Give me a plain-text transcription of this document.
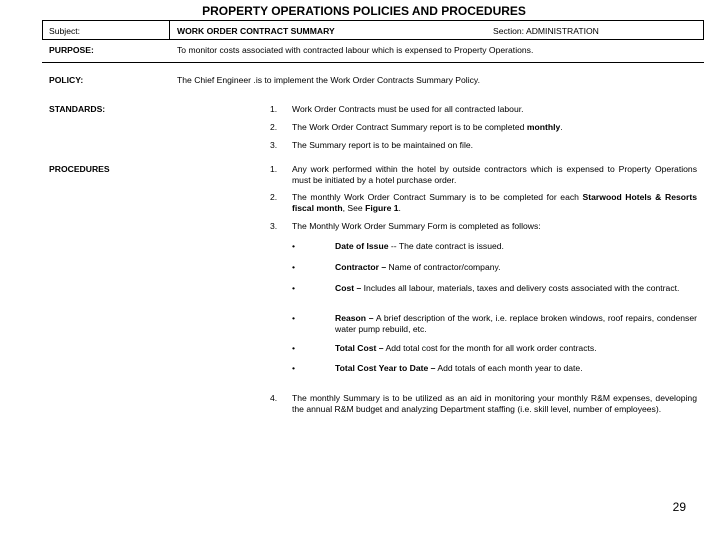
PROPERTY OPERATIONS POLICIES AND PROCEDURES
Subject:	WORK ORDER CONTRACT SUMMARY	Section: ADMINISTRATION
PURPOSE:	To monitor costs associated with contracted labour which is expensed to Property Operations.
POLICY:	The Chief Engineer .is to implement the Work Order Contracts Summary Policy.
STANDARDS:	1. Work Order Contracts must be used for all contracted labour.
2. The Work Order Contract Summary report is to be completed monthly.
3. The Summary report is to be maintained on file.
PROCEDURES	1. Any work performed within the hotel by outside contractors which is expensed to Property Operations must be initiated by a hotel purchase order.
2. The monthly Work Order Contract Summary is to be completed for each Starwood Hotels & Resorts fiscal month, See Figure 1.
3. The Monthly Work Order Summary Form is completed as follows:
•	Date of Issue -- The date contract is issued.
•	Contractor – Name of contractor/company.
•	Cost – Includes all labour, materials, taxes and delivery costs associated with the contract.
•	Reason – A brief description of the work, i.e. replace broken windows, roof repairs, condenser water pump rebuild, etc.
•	Total Cost – Add total cost for the month for all work order contracts.
•	Total Cost Year to Date – Add totals of each month year to date.
4. The monthly Summary is to be utilized as an aid in monitoring your monthly R&M expenses, developing the annual R&M budget and analyzing Department staffing (i.e. skill level, number of employees).
29
